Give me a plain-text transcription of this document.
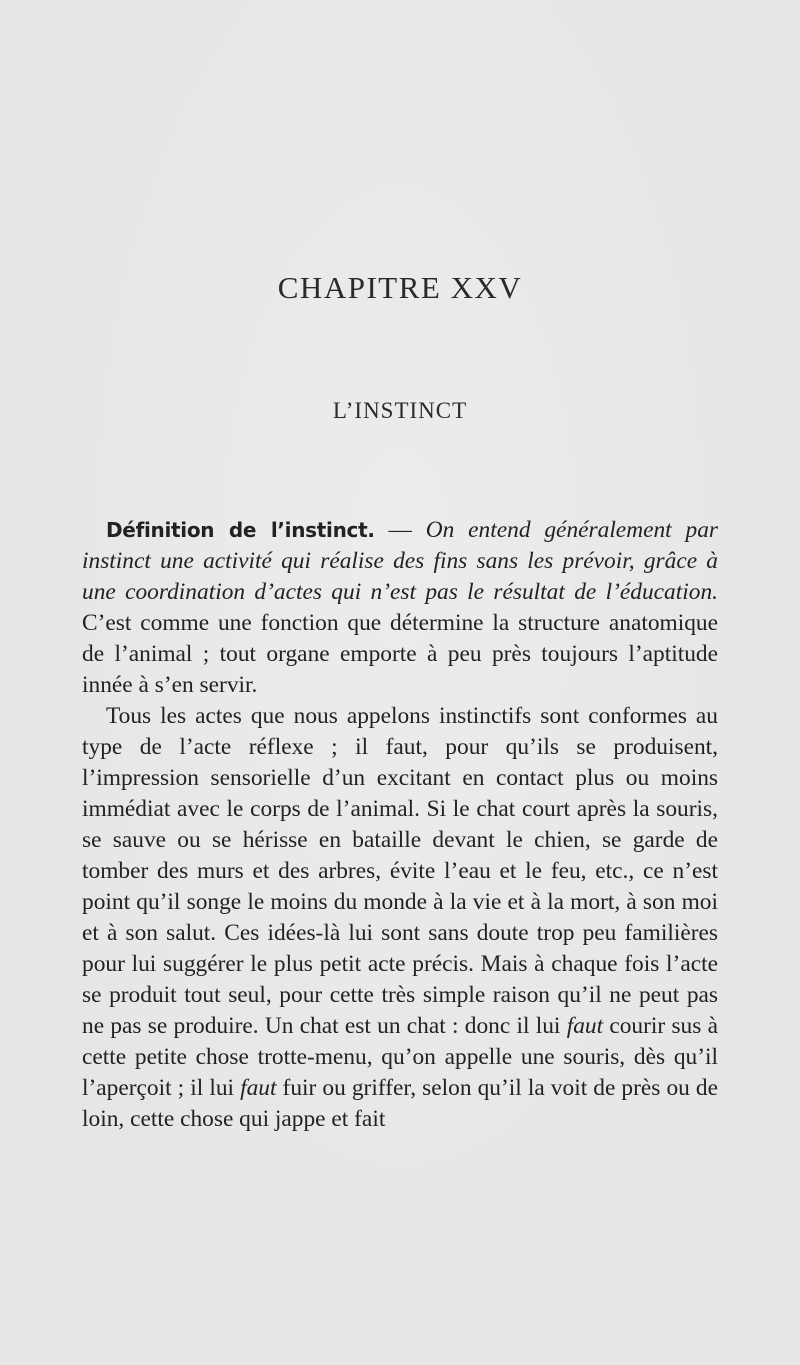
CHAPITRE XXV
L’INSTINCT

Définition de l’instinct. — On entend généralement par instinct une activité qui réalise des fins sans les prévoir, grâce à une coordination d’actes qui n’est pas le résultat de l’éducation. C’est comme une fonction que détermine la structure anatomique de l’animal ; tout organe emporte à peu près toujours l’aptitude innée à s’en servir.

Tous les actes que nous appelons instinctifs sont conformes au type de l’acte réflexe ; il faut, pour qu’ils se produisent, l’impression sensorielle d’un excitant en contact plus ou moins immédiat avec le corps de l’animal. Si le chat court après la souris, se sauve ou se hérisse en bataille devant le chien, se garde de tomber des murs et des arbres, évite l’eau et le feu, etc., ce n’est point qu’il songe le moins du monde à la vie et à la mort, à son moi et à son salut. Ces idées-là lui sont sans doute trop peu familières pour lui suggérer le plus petit acte précis. Mais à chaque fois l’acte se produit tout seul, pour cette très simple raison qu’il ne peut pas ne pas se produire. Un chat est un chat : donc il lui faut courir sus à cette petite chose trotte-menu, qu’on appelle une souris, dès qu’il l’aperçoit ; il lui faut fuir ou griffer, selon qu’il la voit de près ou de loin, cette chose qui jappe et fait
